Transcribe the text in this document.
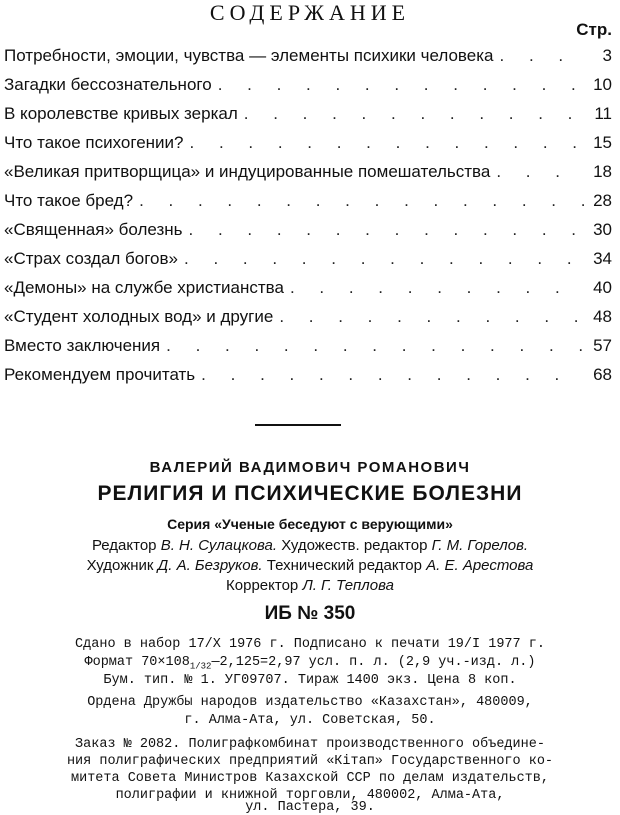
СОДЕРЖАНИЕ
Стр.
Потребности, эмоции, чувства — элементы психики человека . . .	3
Загадки бессознательного . . .	10
В королевстве кривых зеркал . . .	11
Что такое психогении? . . .	15
«Великая притворщица» и индуцированные помешательства . . .	18
Что такое бред? . . .	28
«Священная» болезнь . . .	30
«Страх создал богов» . . .	34
«Демоны» на службе христианства . . .	40
«Студент холодных вод» и другие . . .	48
Вместо заключения . . .	57
Рекомендуем прочитать . . .	68
ВАЛЕРИЙ ВАДИМОВИЧ РОМАНОВИЧ
РЕЛИГИЯ И ПСИХИЧЕСКИЕ БОЛЕЗНИ
Серия «Ученые беседуют с верующими»
Редактор В. Н. Сулацкова. Художеств. редактор Г. М. Горелов.
Художник Д. А. Безруков. Технический редактор А. Е. Арестова
Корректор Л. Г. Теплова
ИБ № 350
Сдано в набор 17/X 1976 г. Подписано к печати 19/I 1977 г.
Формат $70\times 108_{1/32}—2,125=2,97$ усл. п. л. (2,9 уч.-изд. л.)
Бум. тип. № 1. УГ09707. Тираж 1400 экз. Цена 8 коп.
Ордена Дружбы народов издательство «Казахстан», 480009,
г. Алма-Ата, ул. Советская, 50.
Заказ № 2082. Полиграфкомбинат производственного объедине-
ния полиграфических предприятий «Кітап» Государственного ко-
митета Совета Министров Казахской ССР по делам издательств,
полиграфии и книжной торговли, 480002, Алма-Ата,
ул. Пастера, 39.
